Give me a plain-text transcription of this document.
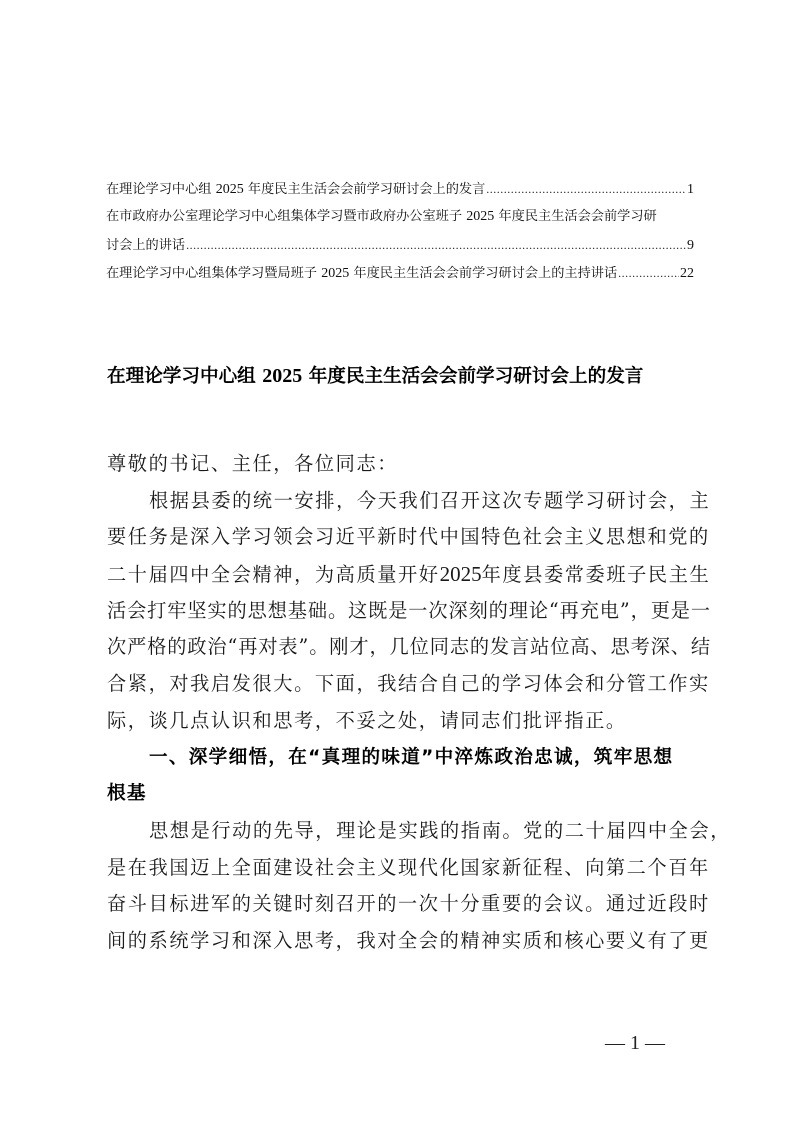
在理论学习中心组 2025 年度民主生活会会前学习研讨会上的发言 .....	1
在市政府办公室理论学习中心组集体学习暨市政府办公室班子 2025 年度民主生活会会前学习研
讨会上的讲话 .....	9
在理论学习中心组集体学习暨局班子 2025 年度民主生活会会前学习研讨会上的主持讲话 .....	22
在理论学习中心组 2025 年度民主生活会会前学习研讨会上的发言
尊敬的书记、主任，各位同志：
根据县委的统一安排，今天我们召开这次专题学习研讨会，主
要任务是深入学习领会习近平新时代中国特色社会主义思想和党的
二十届四中全会精神，为高质量开好2025年度县委常委班子民主生
活会打牢坚实的思想基础。这既是一次深刻的理论“再充电”，更是一
次严格的政治“再对表”。刚才，几位同志的发言站位高、思考深、结
合紧，对我启发很大。下面，我结合自己的学习体会和分管工作实
际，谈几点认识和思考，不妥之处，请同志们批评指正。
一、深学细悟，在“真理的味道”中淬炼政治忠诚，筑牢思想
根基
思想是行动的先导，理论是实践的指南。党的二十届四中全会，
是在我国迈上全面建设社会主义现代化国家新征程、向第二个百年
奋斗目标进军的关键时刻召开的一次十分重要的会议。通过近段时
间的系统学习和深入思考，我对全会的精神实质和核心要义有了更
— 1 —
